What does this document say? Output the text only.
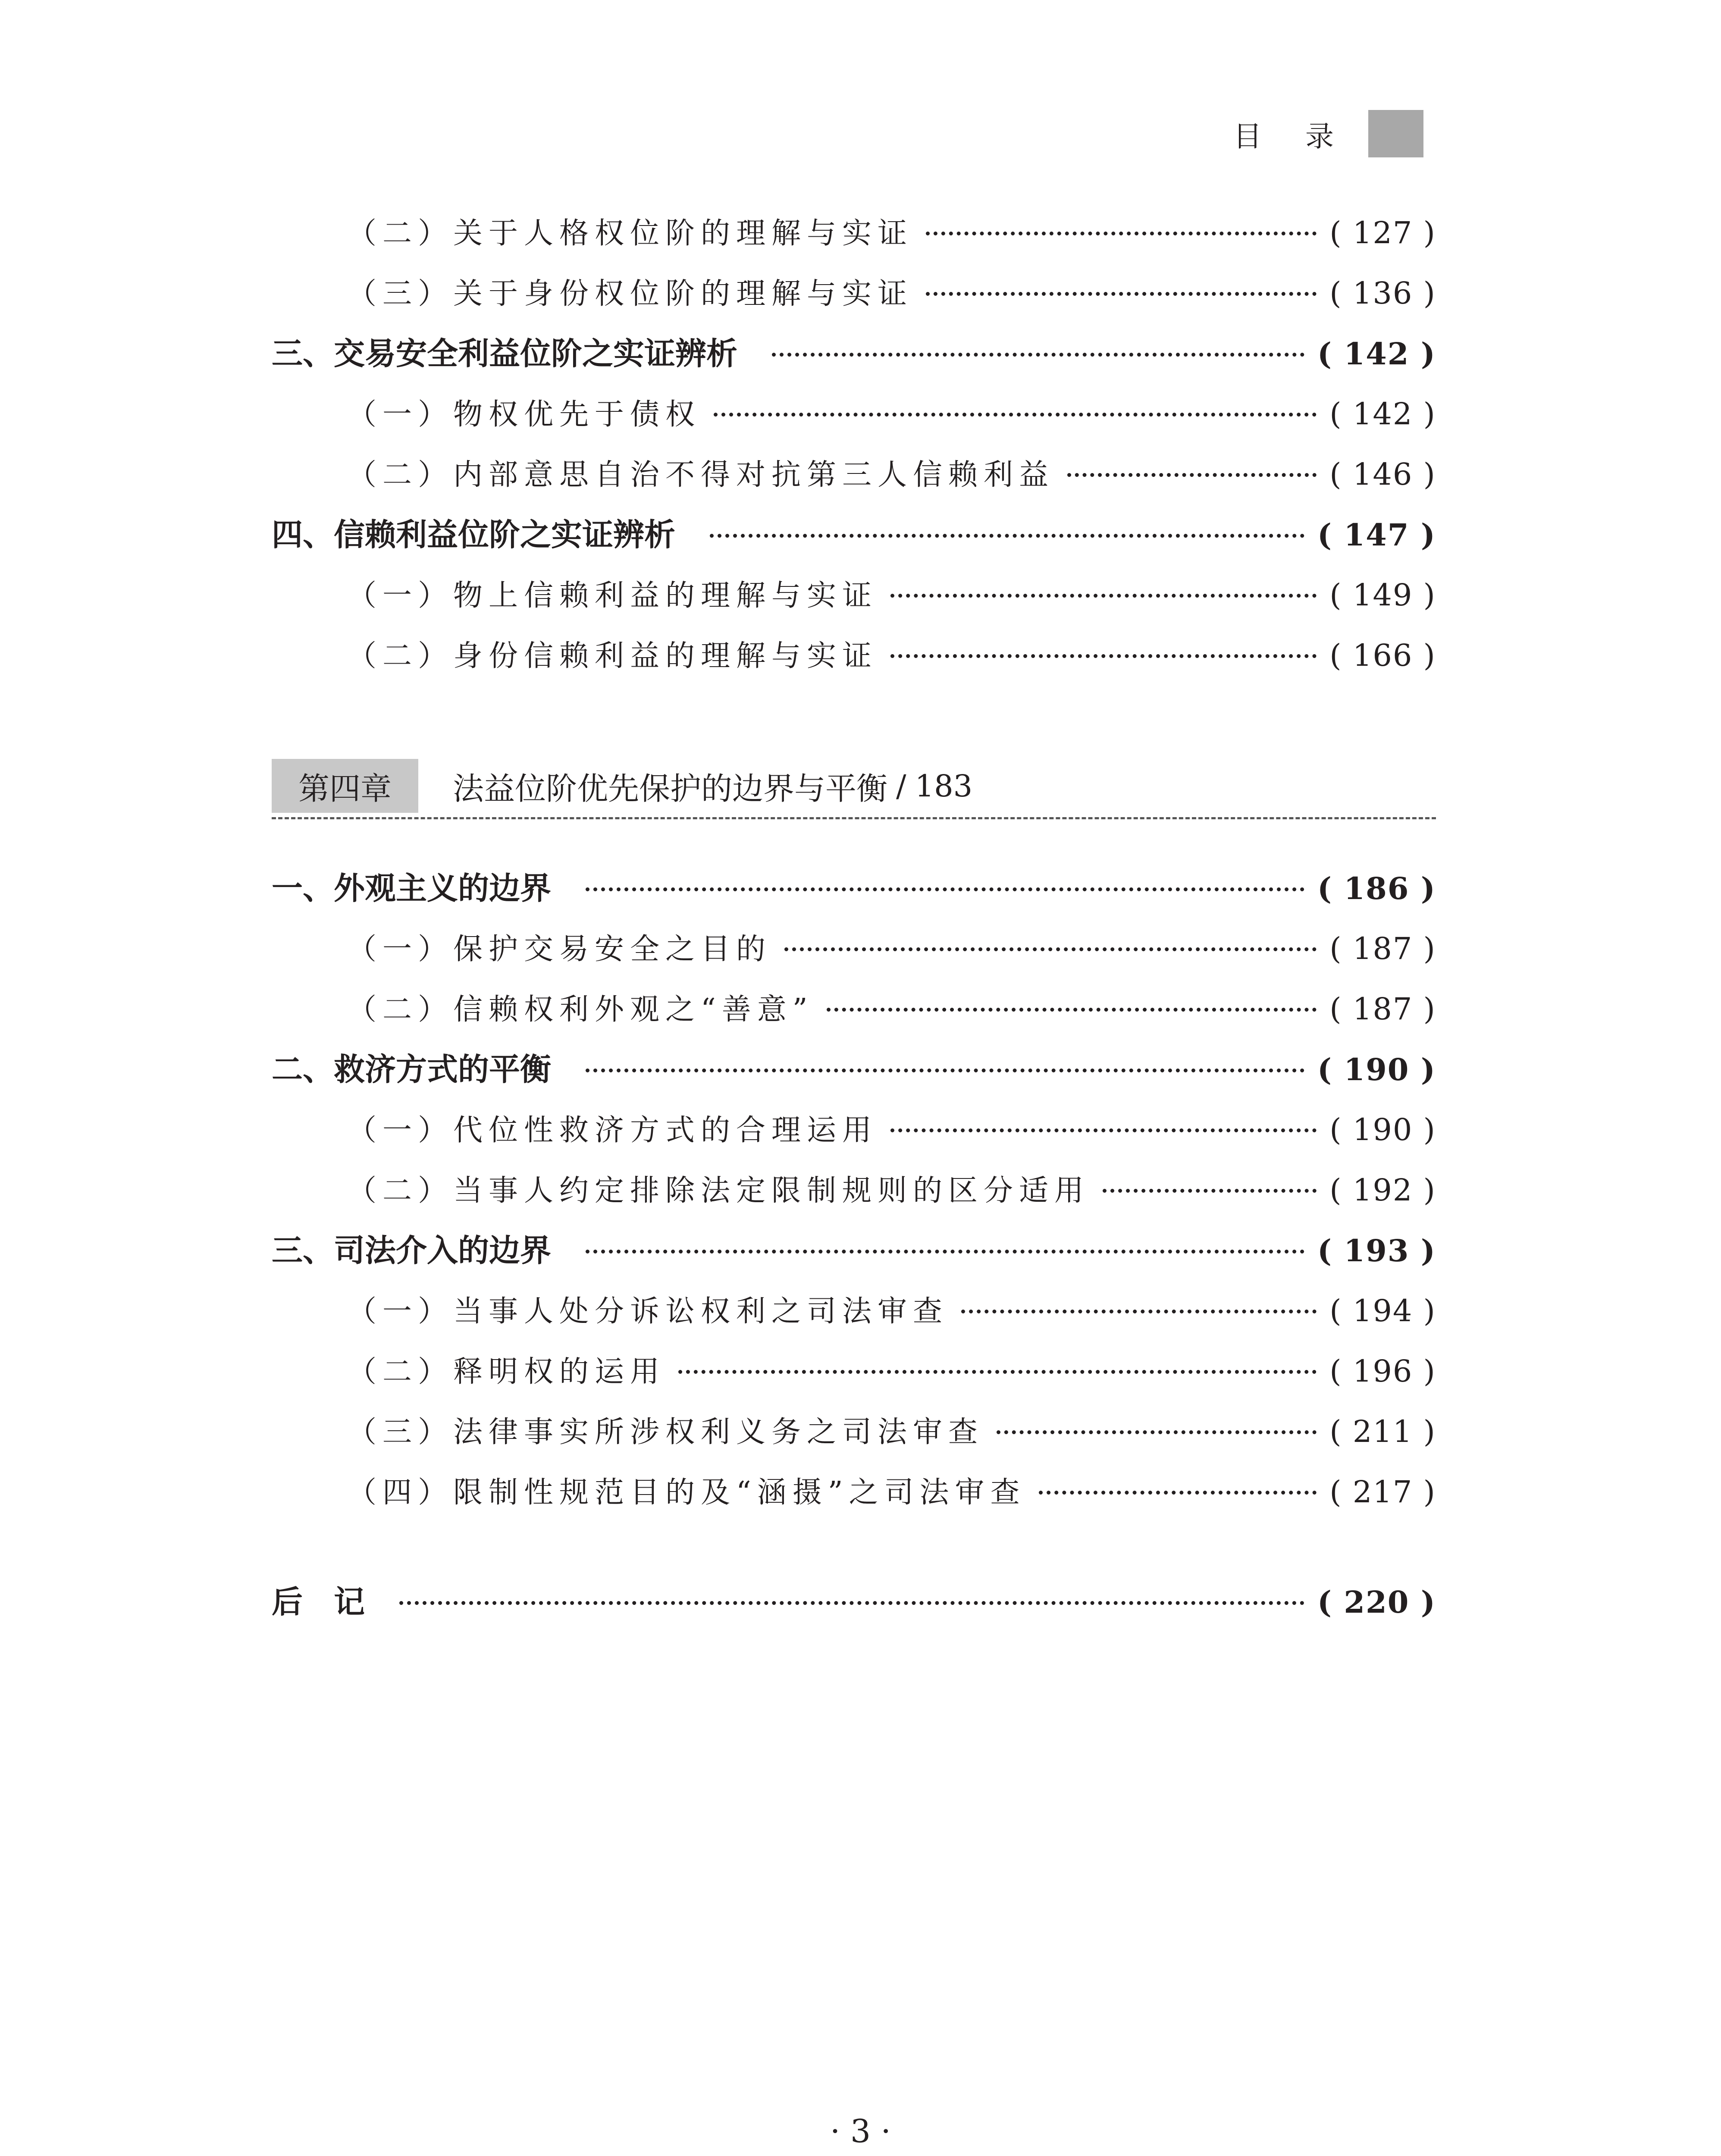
目 录
（二）关于人格权位阶的理解与实证	( 127 )
（三）关于身份权位阶的理解与实证	( 136 )
三、交易安全利益位阶之实证辨析	( 142 )
（一）物权优先于债权	( 142 )
（二）内部意思自治不得对抗第三人信赖利益	( 146 )
四、信赖利益位阶之实证辨析	( 147 )
（一）物上信赖利益的理解与实证	( 149 )
（二）身份信赖利益的理解与实证	( 166 )
第四章	法益位阶优先保护的边界与平衡 / 183
一、外观主义的边界	( 186 )
（一）保护交易安全之目的	( 187 )
（二）信赖权利外观之“善意”	( 187 )
二、救济方式的平衡	( 190 )
（一）代位性救济方式的合理运用	( 190 )
（二）当事人约定排除法定限制规则的区分适用	( 192 )
三、司法介入的边界	( 193 )
（一）当事人处分诉讼权利之司法审查	( 194 )
（二）释明权的运用	( 196 )
（三）法律事实所涉权利义务之司法审查	( 211 )
（四）限制性规范目的及“涵摄”之司法审查	( 217 )
后　记	( 220 )
· 3 ·
